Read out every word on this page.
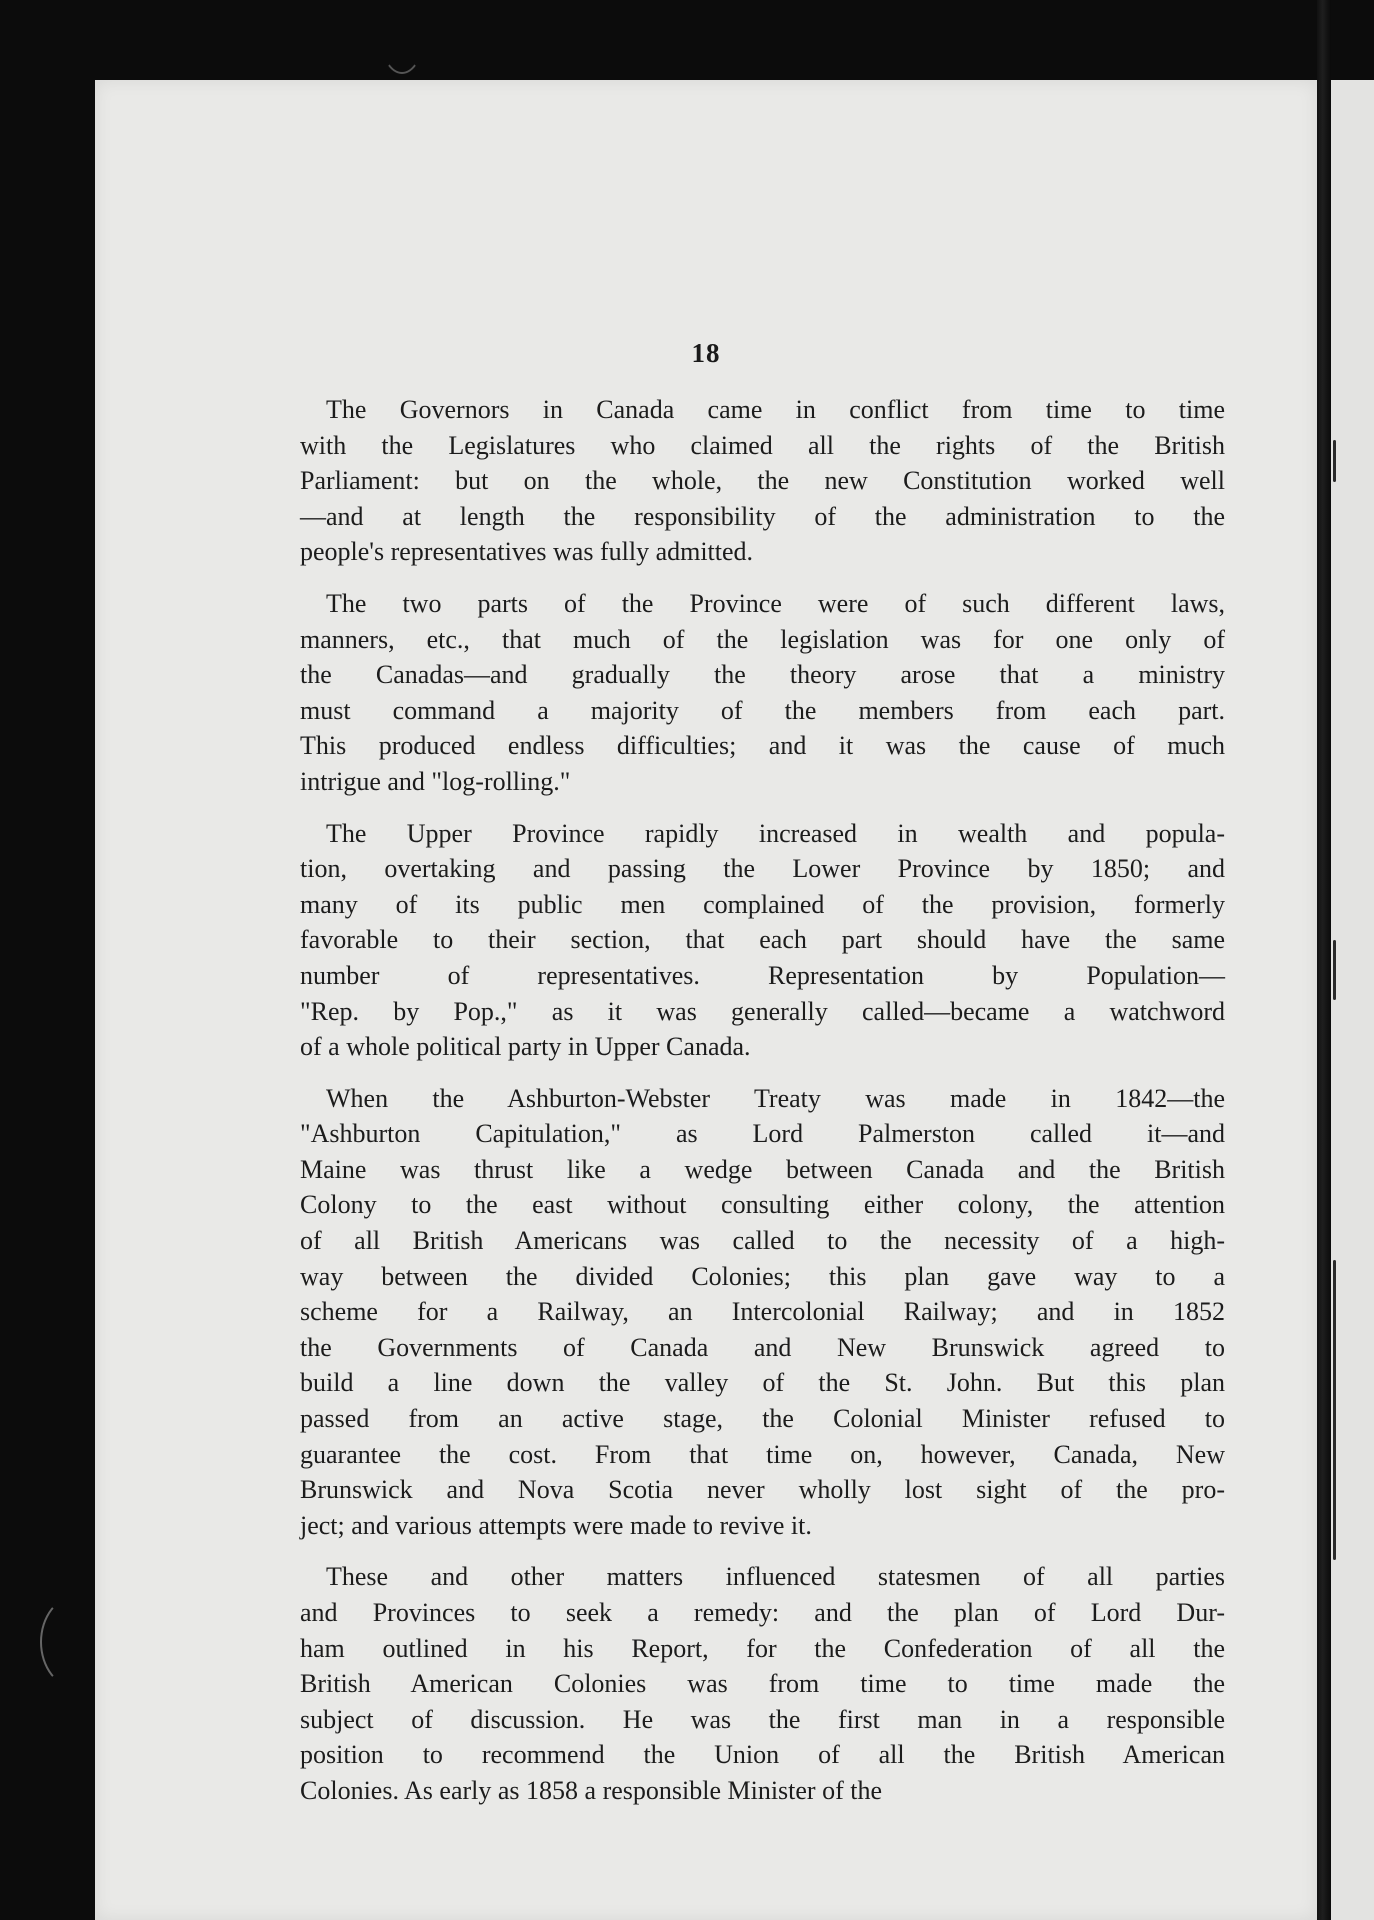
18
The Governors in Canada came in conflict from time to time
with the Legislatures who claimed all the rights of the British
Parliament: but on the whole, the new Constitution worked well
—and at length the responsibility of the administration to the
people's representatives was fully admitted.
The two parts of the Province were of such different laws,
manners, etc., that much of the legislation was for one only of
the Canadas—and gradually the theory arose that a ministry
must command a majority of the members from each part.
This produced endless difficulties; and it was the cause of much
intrigue and "log-rolling."
The Upper Province rapidly increased in wealth and popula-
tion, overtaking and passing the Lower Province by 1850; and
many of its public men complained of the provision, formerly
favorable to their section, that each part should have the same
number of representatives. Representation by Population—
"Rep. by Pop.," as it was generally called—became a watchword
of a whole political party in Upper Canada.
When the Ashburton-Webster Treaty was made in 1842—the
"Ashburton Capitulation," as Lord Palmerston called it—and
Maine was thrust like a wedge between Canada and the British
Colony to the east without consulting either colony, the attention
of all British Americans was called to the necessity of a high-
way between the divided Colonies; this plan gave way to a
scheme for a Railway, an Intercolonial Railway; and in 1852
the Governments of Canada and New Brunswick agreed to
build a line down the valley of the St. John. But this plan
passed from an active stage, the Colonial Minister refused to
guarantee the cost. From that time on, however, Canada, New
Brunswick and Nova Scotia never wholly lost sight of the pro-
ject; and various attempts were made to revive it.
These and other matters influenced statesmen of all parties
and Provinces to seek a remedy: and the plan of Lord Dur-
ham outlined in his Report, for the Confederation of all the
British American Colonies was from time to time made the
subject of discussion. He was the first man in a responsible
position to recommend the Union of all the British American
Colonies. As early as 1858 a responsible Minister of the
